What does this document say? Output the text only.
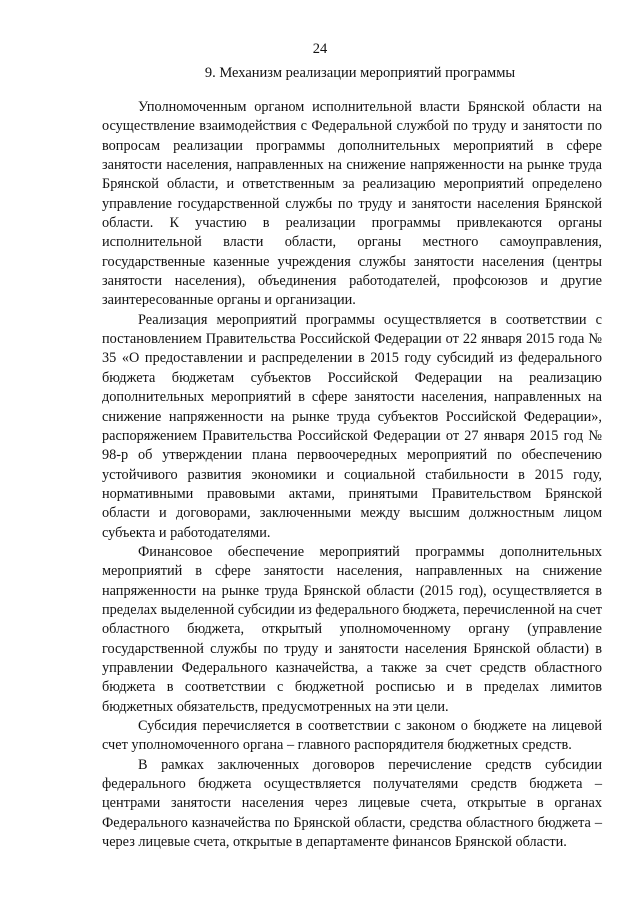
24
9. Механизм реализации мероприятий программы

Уполномоченным органом исполнительной власти Брянской области на осуществление взаимодействия с Федеральной службой по труду и занятости по вопросам реализации программы дополнительных мероприятий в сфере занятости населения, направленных на снижение напряженности на рынке труда Брянской области, и ответственным за реализацию мероприятий определено управление государственной службы по труду и занятости населения Брянской области. К участию в реализации программы привлекаются органы исполнительной власти области, органы местного самоуправления, государственные казенные учреждения службы занятости населения (центры занятости населения), объединения работодателей, профсоюзов и другие заинтересованные органы и организации.

Реализация мероприятий программы осуществляется в соответствии с постановлением Правительства Российской Федерации от 22 января 2015 года № 35 «О предоставлении и распределении в 2015 году субсидий из федерального бюджета бюджетам субъектов Российской Федерации на реализацию дополнительных мероприятий в сфере занятости населения, направленных на снижение напряженности на рынке труда субъектов Российской Федерации», распоряжением Правительства Российской Федерации от 27 января 2015 год № 98-р об утверждении плана первоочередных мероприятий по обеспечению устойчивого развития экономики и социальной стабильности в 2015 году, нормативными правовыми актами, принятыми Правительством Брянской области и договорами, заключенными между высшим должностным лицом субъекта и работодателями.

Финансовое обеспечение мероприятий программы дополнительных мероприятий в сфере занятости населения, направленных на снижение напряженности на рынке труда Брянской области (2015 год), осуществляется в пределах выделенной субсидии из федерального бюджета, перечисленной на счет областного бюджета, открытый уполномоченному органу (управление государственной службы по труду и занятости населения Брянской области) в управлении Федерального казначейства, а также за счет средств областного бюджета в соответствии с бюджетной росписью и в пределах лимитов бюджетных обязательств, предусмотренных на эти цели.

Субсидия перечисляется в соответствии с законом о бюджете на лицевой счет уполномоченного органа – главного распорядителя бюджетных средств.

В рамках заключенных договоров перечисление средств субсидии федерального бюджета осуществляется получателями средств бюджета – центрами занятости населения через лицевые счета, открытые в органах Федерального казначейства по Брянской области, средства областного бюджета – через лицевые счета, открытые в департаменте финансов Брянской области.
